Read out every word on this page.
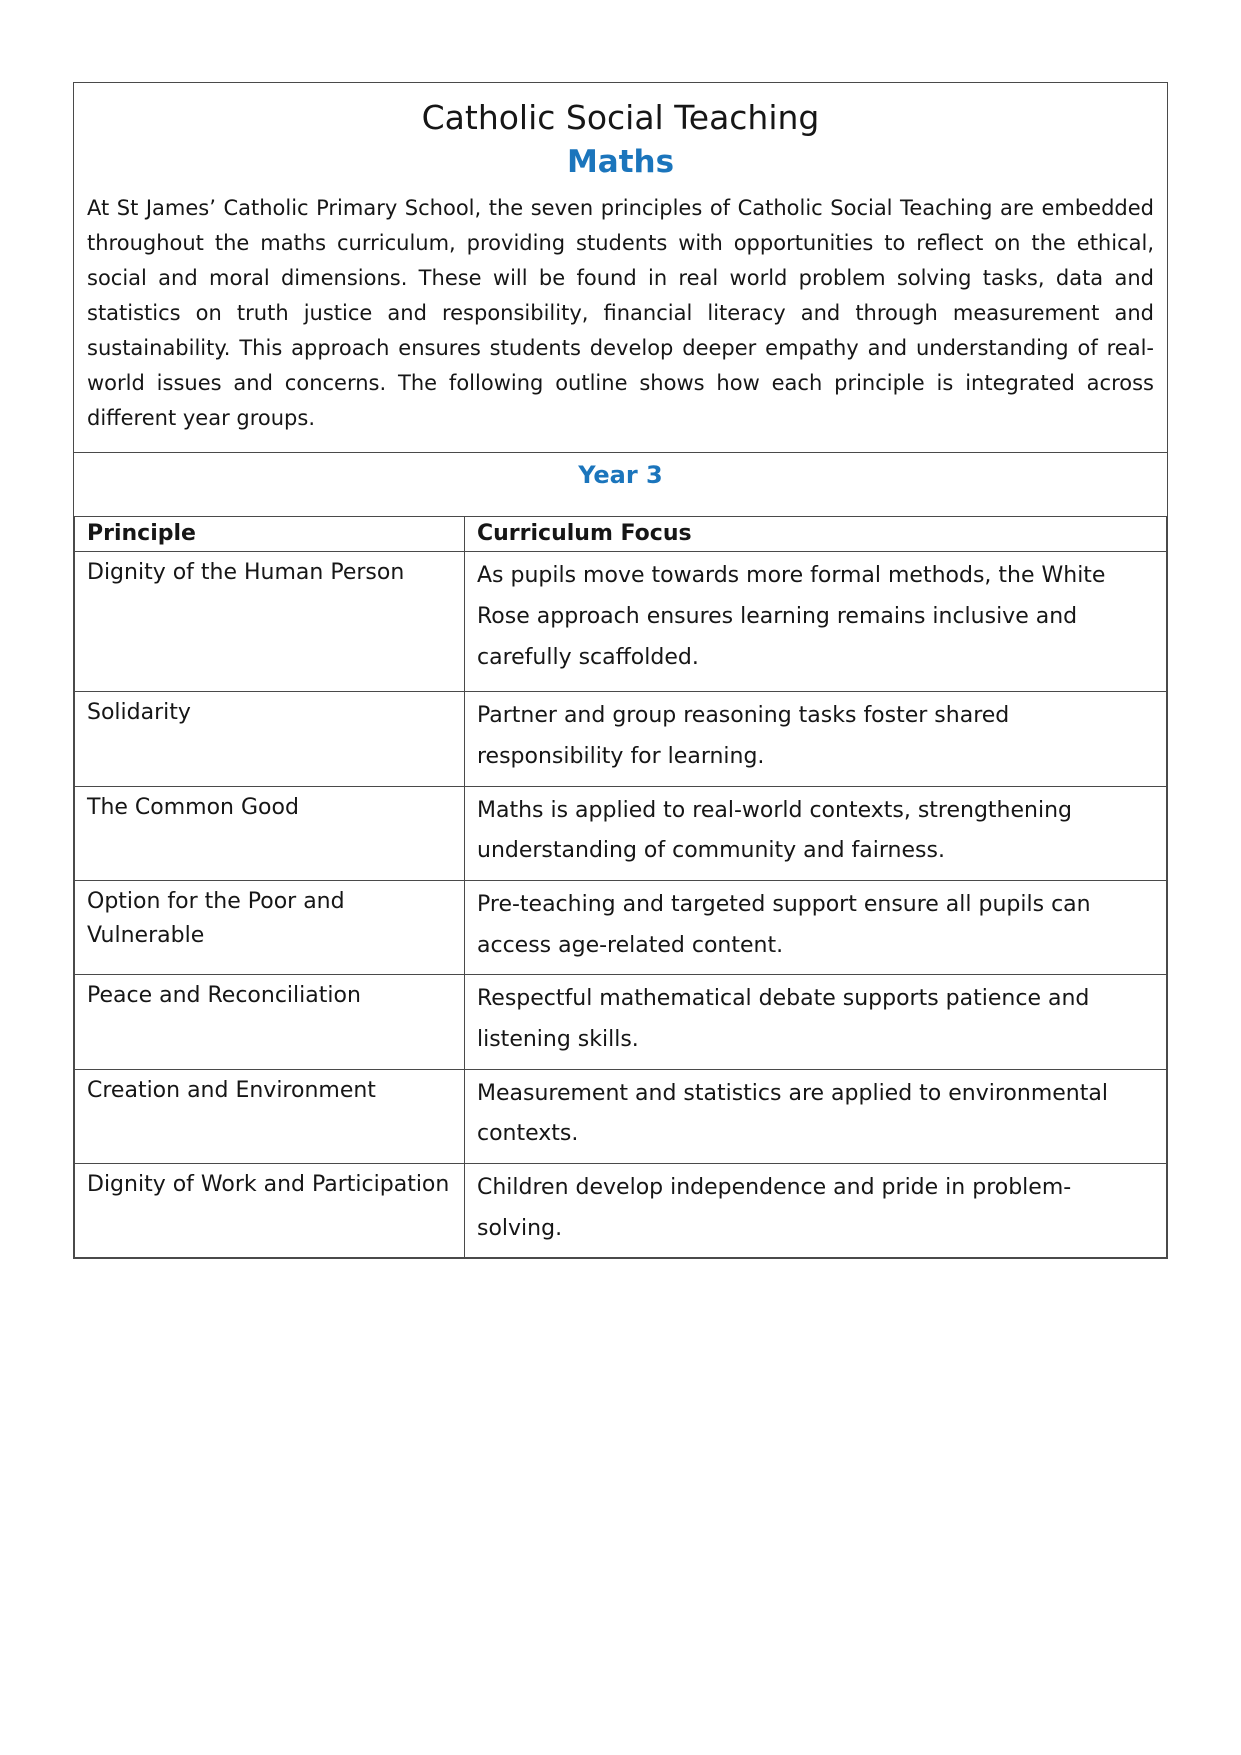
Catholic Social Teaching
Maths

At St James’ Catholic Primary School, the seven principles of Catholic Social Teaching are embedded throughout the maths curriculum, providing students with opportunities to reflect on the ethical, social and moral dimensions. These will be found in real world problem solving tasks, data and statistics on truth justice and responsibility, financial literacy and through measurement and sustainability. This approach ensures students develop deeper empathy and understanding of real-world issues and concerns. The following outline shows how each principle is integrated across different year groups.

Year 3
Principle	Curriculum Focus
Dignity of the Human Person	As pupils move towards more formal methods, the White Rose approach ensures learning remains inclusive and carefully scaffolded.
Solidarity	Partner and group reasoning tasks foster shared responsibility for learning.
The Common Good	Maths is applied to real-world contexts, strengthening understanding of community and fairness.
Option for the Poor and Vulnerable	Pre-teaching and targeted support ensure all pupils can access age-related content.
Peace and Reconciliation	Respectful mathematical debate supports patience and listening skills.
Creation and Environment	Measurement and statistics are applied to environmental contexts.
Dignity of Work and Participation	Children develop independence and pride in problem-solving.
